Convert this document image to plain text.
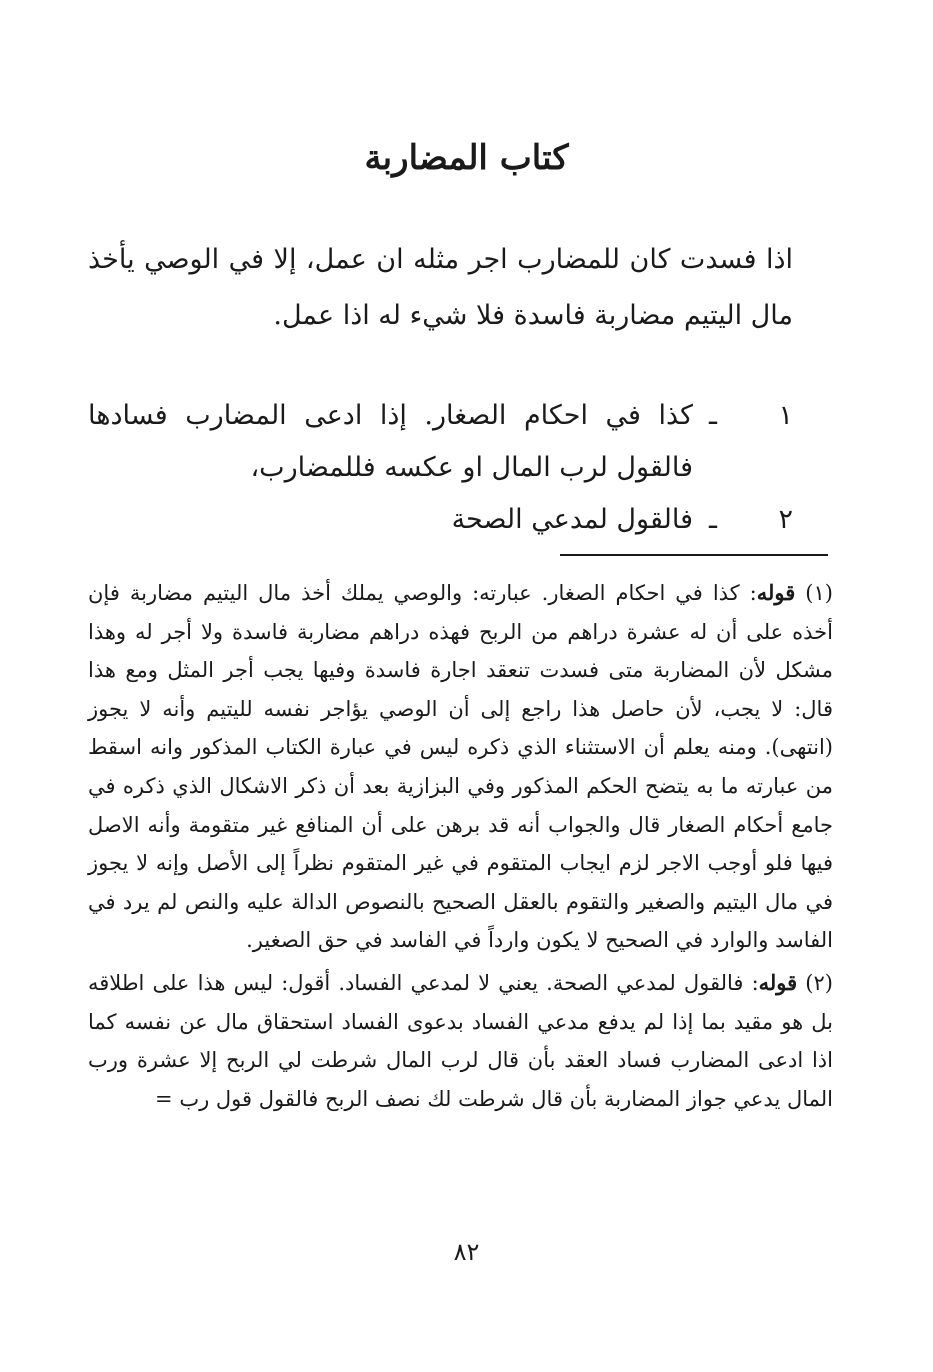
كتاب المضاربة

اذا فسدت كان للمضارب اجر مثله ان عمل، إلا في الوصي يأخذ مال اليتيم مضاربة فاسدة فلا شيء له اذا عمل.

١
ـ
كذا في احكام الصغار. إذا ادعى المضارب فسادها فالقول لرب المال او عكسه فللمضارب،
٢
ـ
فالقول لمدعي الصحة

(١) قوله: كذا في احكام الصغار. عبارته: والوصي يملك أخذ مال اليتيم مضاربة فإن أخذه على أن له عشرة دراهم من الربح فهذه دراهم مضاربة فاسدة ولا أجر له وهذا مشكل لأن المضاربة متى فسدت تنعقد اجارة فاسدة وفيها يجب أجر المثل ومع هذا قال: لا يجب، لأن حاصل هذا راجع إلى أن الوصي يؤاجر نفسه لليتيم وأنه لا يجوز (انتهى). ومنه يعلم أن الاستثناء الذي ذكره ليس في عبارة الكتاب المذكور وانه اسقط من عبارته ما به يتضح الحكم المذكور وفي البزازية بعد أن ذكر الاشكال الذي ذكره في جامع أحكام الصغار قال والجواب أنه قد برهن على أن المنافع غير متقومة وأنه الاصل فيها فلو أوجب الاجر لزم ايجاب المتقوم في غير المتقوم نظراً إلى الأصل وإنه لا يجوز في مال اليتيم والصغير والتقوم بالعقل الصحيح بالنصوص الدالة عليه والنص لم يرد في الفاسد والوارد في الصحيح لا يكون وارداً في الفاسد في حق الصغير.

(٢) قوله: فالقول لمدعي الصحة. يعني لا لمدعي الفساد. أقول: ليس هذا على اطلاقه بل هو مقيد بما إذا لم يدفع مدعي الفساد بدعوى الفساد استحقاق مال عن نفسه كما اذا ادعى المضارب فساد العقد بأن قال لرب المال شرطت لي الربح إلا عشرة ورب المال يدعي جواز المضاربة بأن قال شرطت لك نصف الربح فالقول قول رب =

٨٢
